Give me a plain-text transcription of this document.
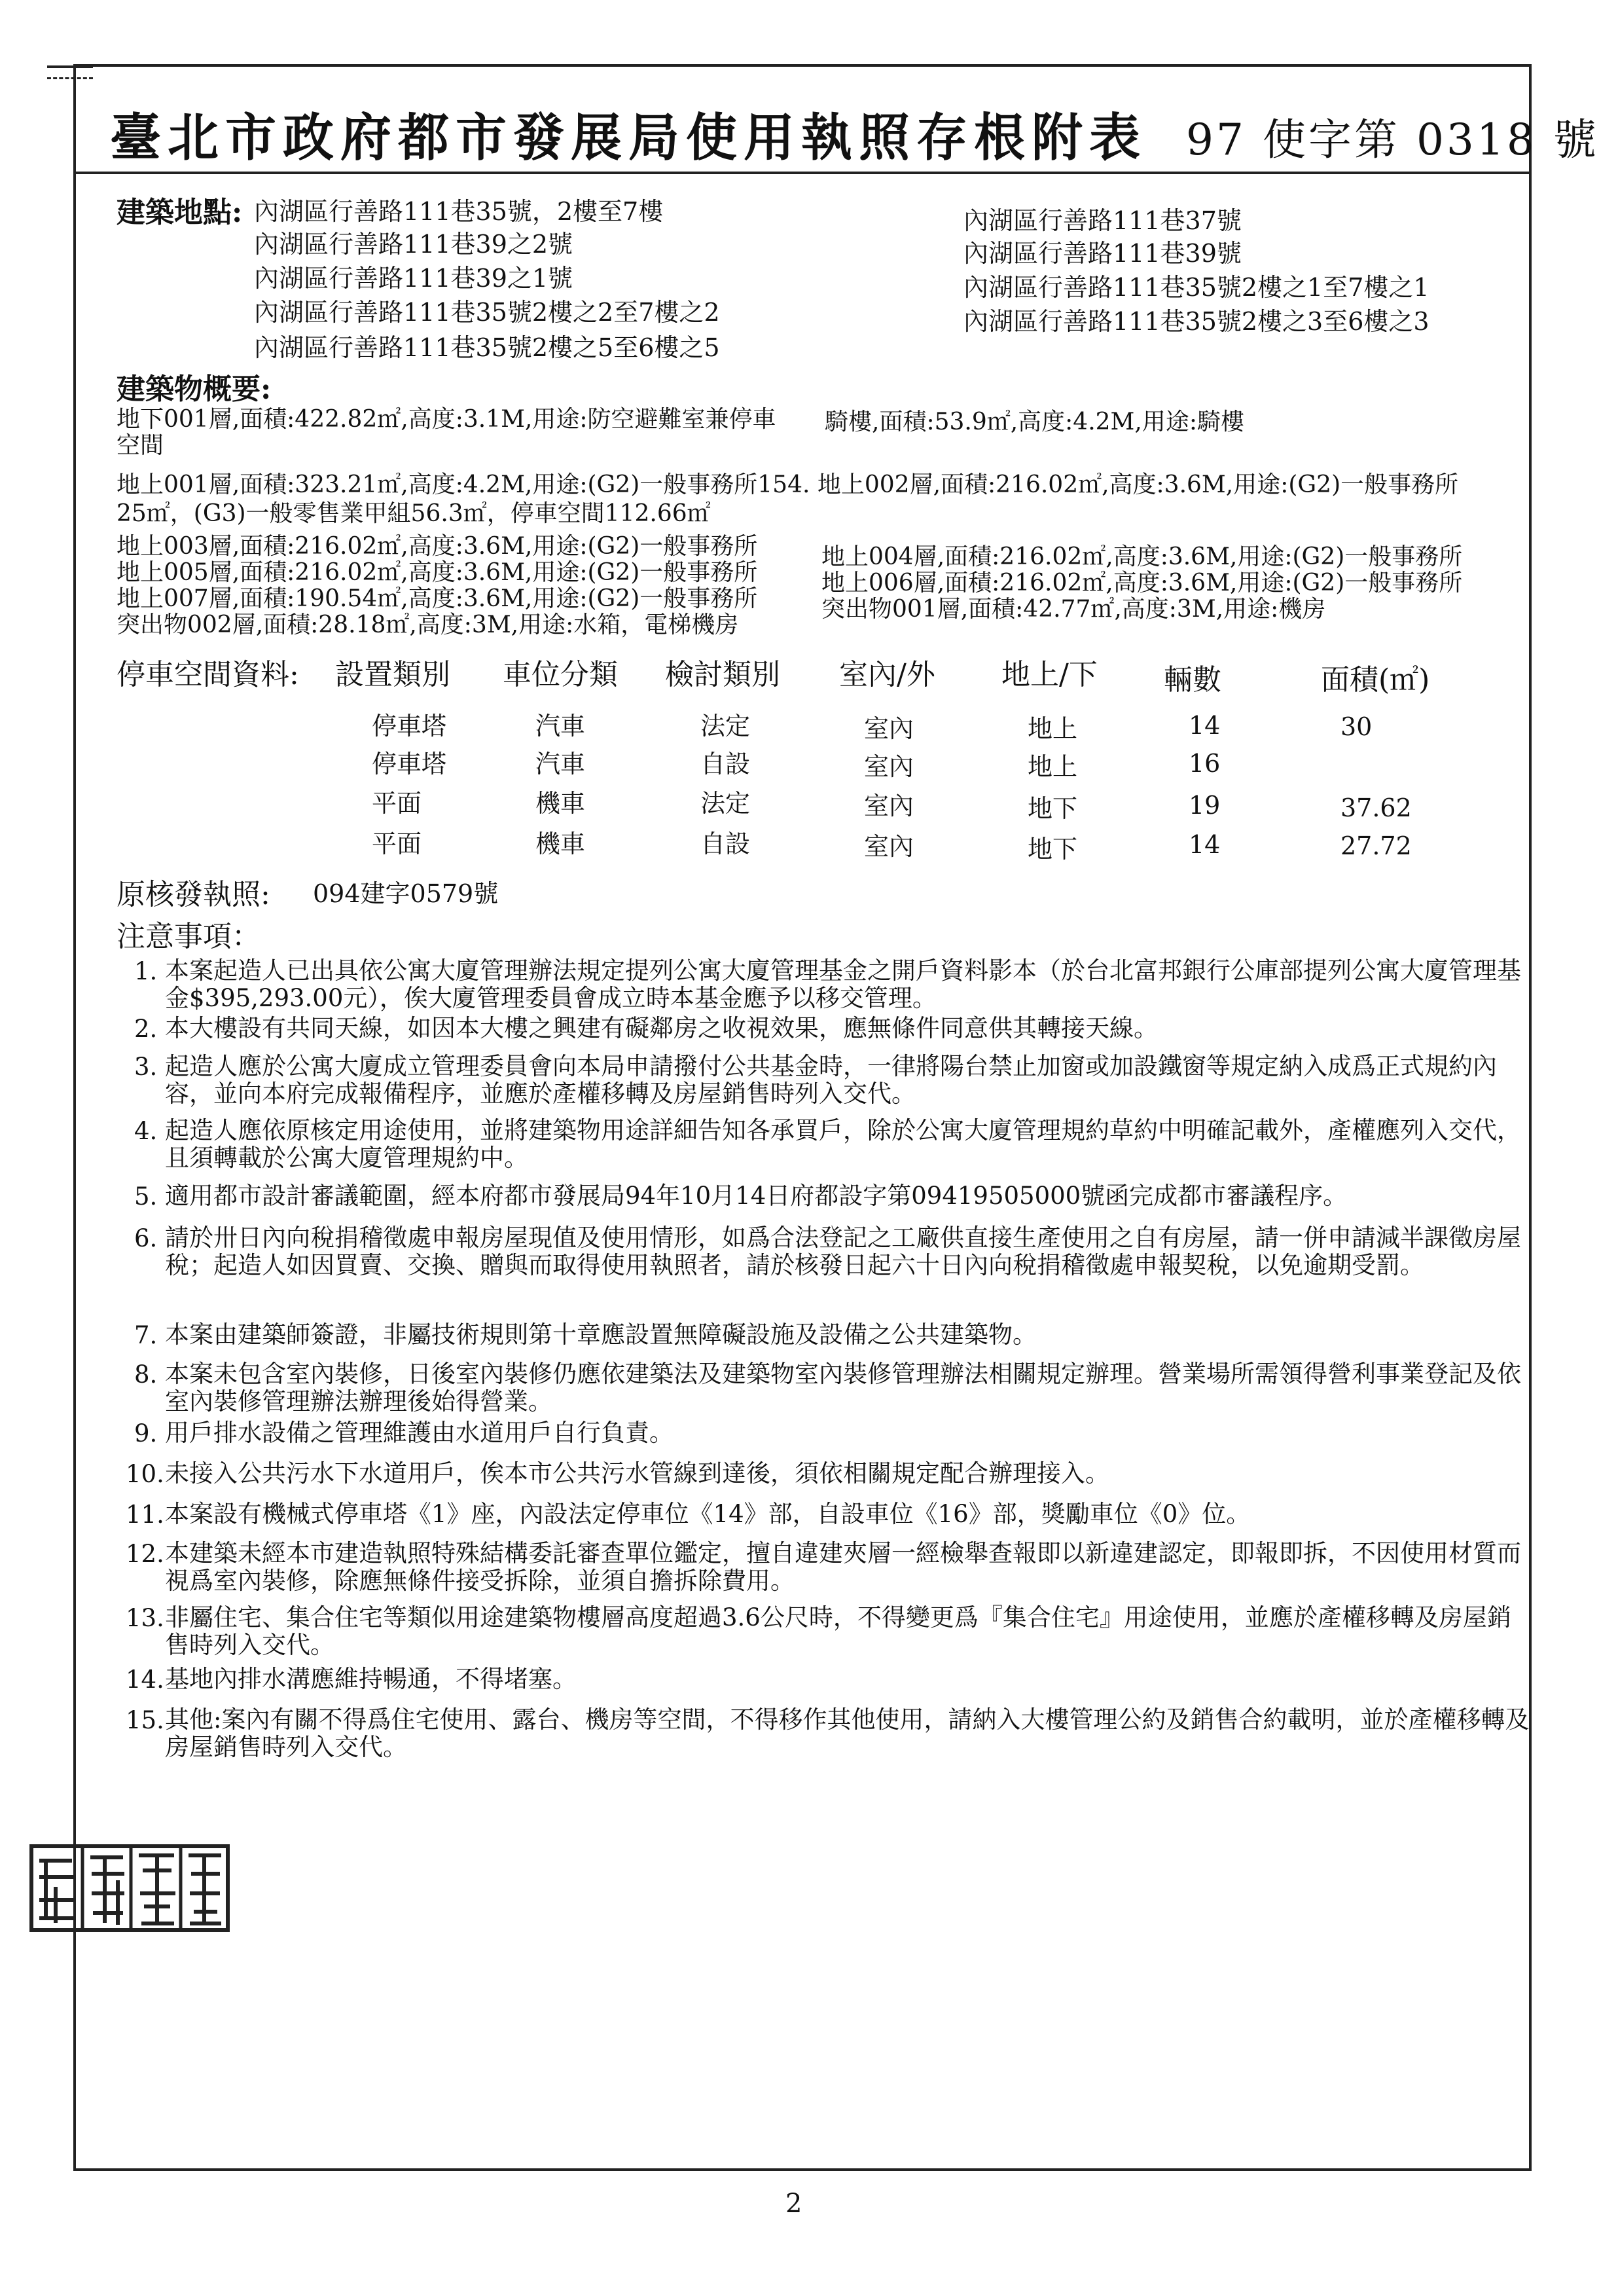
臺北市政府都市發展局使用執照存根附表 97 使字第 0318 號
建築地點: 內湖區行善路111巷35號，2樓至7樓
內湖區行善路111巷39之2號
內湖區行善路111巷39之1號
內湖區行善路111巷35號2樓之2至7樓之2
內湖區行善路111巷35號2樓之5至6樓之5
內湖區行善路111巷37號
內湖區行善路111巷39號
內湖區行善路111巷35號2樓之1至7樓之1
內湖區行善路111巷35號2樓之3至6樓之3
建築物概要:
地下001層,面積:422.82㎡,高度:3.1M,用途:防空避難室兼停車 騎樓,面積:53.9㎡,高度:4.2M,用途:騎樓
空間
地上001層,面積:323.21㎡,高度:4.2M,用途:(G2)一般事務所154. 地上002層,面積:216.02㎡,高度:3.6M,用途:(G2)一般事務所
25㎡，(G3)一般零售業甲組56.3㎡，停車空間112.66㎡
地上003層,面積:216.02㎡,高度:3.6M,用途:(G2)一般事務所
地上005層,面積:216.02㎡,高度:3.6M,用途:(G2)一般事務所
地上007層,面積:190.54㎡,高度:3.6M,用途:(G2)一般事務所
突出物002層,面積:28.18㎡,高度:3M,用途:水箱，電梯機房
地上004層,面積:216.02㎡,高度:3.6M,用途:(G2)一般事務所
地上006層,面積:216.02㎡,高度:3.6M,用途:(G2)一般事務所
突出物001層,面積:42.77㎡,高度:3M,用途:機房
停車空間資料: 設置類別 車位分類 檢討類別 室內/外 地上/下 輛數	面積(㎡)
停車塔	汽車	法定	室內	地上	14	30
停車塔	汽車	自設	室內	地上	16
平面	機車	法定	室內	地下	19	37.62
平面	機車	自設	室內	地下	14	27.72
原核發執照: 094建字0579號
注意事項：
1. 本案起造人已出具依公寓大廈管理辦法規定提列公寓大廈管理基金之開戶資料影本（於台北富邦銀行公庫部提列公寓大廈管理基金$395,293.00元），俟大廈管理委員會成立時本基金應予以移交管理。
2. 本大樓設有共同天線，如因本大樓之興建有礙鄰房之收視效果，應無條件同意供其轉接天線。
3. 起造人應於公寓大廈成立管理委員會向本局申請撥付公共基金時，一律將陽台禁止加窗或加設鐵窗等規定納入成爲正式規約內容，並向本府完成報備程序，並應於產權移轉及房屋銷售時列入交代。
4. 起造人應依原核定用途使用，並將建築物用途詳細告知各承買戶，除於公寓大廈管理規約草約中明確記載外，產權應列入交代，且須轉載於公寓大廈管理規約中。
5. 適用都市設計審議範圍，經本府都市發展局94年10月14日府都設字第09419505000號函完成都市審議程序。
6. 請於卅日內向稅捐稽徵處申報房屋現值及使用情形，如爲合法登記之工廠供直接生產使用之自有房屋，請一併申請減半課徵房屋稅；起造人如因買賣、交換、贈與而取得使用執照者，請於核發日起六十日內向稅捐稽徵處申報契稅，以免逾期受罰。
7. 本案由建築師簽證，非屬技術規則第十章應設置無障礙設施及設備之公共建築物。
8. 本案未包含室內裝修，日後室內裝修仍應依建築法及建築物室內裝修管理辦法相關規定辦理。營業場所需領得營利事業登記及依室內裝修管理辦法辦理後始得營業。
9. 用戶排水設備之管理維護由水道用戶自行負責。
10. 未接入公共污水下水道用戶，俟本市公共污水管線到達後，須依相關規定配合辦理接入。
11. 本案設有機械式停車塔《1》座，內設法定停車位《14》部，自設車位《16》部，獎勵車位《0》位。
12. 本建築未經本市建造執照特殊結構委託審查單位鑑定，擅自違建夾層一經檢舉查報即以新違建認定，即報即拆，不因使用材質而視爲室內裝修，除應無條件接受拆除，並須自擔拆除費用。
13. 非屬住宅、集合住宅等類似用途建築物樓層高度超過3.6公尺時，不得變更爲『集合住宅』用途使用，並應於產權移轉及房屋銷售時列入交代。
14. 基地內排水溝應維持暢通，不得堵塞。
15. 其他:案內有關不得爲住宅使用、露台、機房等空間，不得移作其他使用，請納入大樓管理公約及銷售合約載明，並於產權移轉及房屋銷售時列入交代。
2
